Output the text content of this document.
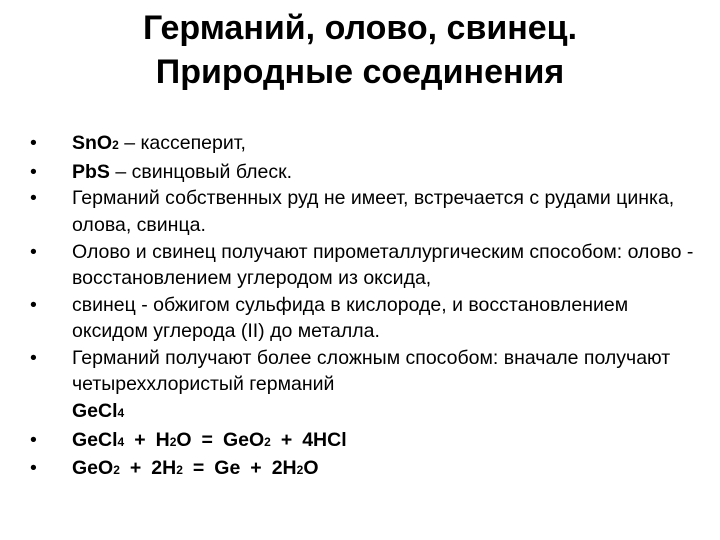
Германий, олово, свинец.
Природные соединения
•	SnO2 – кассеперит,
•	PbS – свинцовый блеск.
•	Германий собственных руд не имеет, встречается с рудами цинка, олова, свинца.
•	Олово и свинец получают пирометаллургическим способом: олово - восстановлением углеродом из оксида,
•	свинец - обжигом сульфида в кислороде, и восстановлением оксидом углерода (II) до металла.
•	Германий получают более сложным способом: вначале получают четыреххлористый германий
GeCl4
•	GeCl4 + H2O = GeO2 + 4HCl
•	GeO2 + 2H2 = Ge + 2H2O
